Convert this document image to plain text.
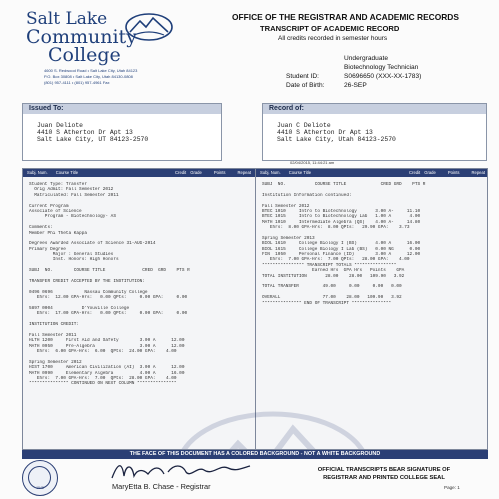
Salt Lake
Community
College
4600 S. Redwood Road • Salt Lake City, Utah 84123
P.O. Box 30808 • Salt Lake City, Utah 84130-0808
(801) 957-4111 • (801) 957-4961 Fax
OFFICE OF THE REGISTRAR AND ACADEMIC RECORDS
TRANSCRIPT OF ACADEMIC RECORD
All credits recorded in semester hours
Undergraduate
Biotechnology Technician
Student ID:	S0696650 (XXX-XX-1783)
Date of Birth:	26-SEP
Issued To:
Juan Deliote
4410 S Atherton Dr Apt 13
Salt Lake City, UT 84123-2570
Record of:
Juan C Deliote
4410 S Atherton Dr Apt 13
Salt Lake City, Utah 84123-2570
02/04/2015, 11:44:21 am
Subj. Num. Course Title	Credit Grade	Points	Repeat
Student Type: Transfer
Orig Admit: Fall Semester 2012
Matriculated: Fall Semester 2011

Current Program
Associate of Science
Program - Biotechnology- AS

Comments:
Member Phi Theta Kappa

Degrees Awarded Associate of Science 31-AUG-2014
Primary Degree
Major : General Studies
Inst. Honors: High Honors

SUBJ  NO.        COURSE TITLE              CRED  GRD    PTS R

TRANSFER CREDIT ACCEPTED BY THE INSTITUTION:

0496 0696            Nassau Community College
Ehrs:  12.00 GPA-Hrs:   0.00 QPts:     0.00 GPA:     0.00

5897 0004           D'Youville College
Ehrs:  17.00 GPA-Hrs:   0.00 QPts:     0.00 GPA:     0.00

INSTITUTION CREDIT:

Fall Semester 2011
HLTH 1200     First Aid and Safety        3.00 A      12.00
MATH 0950     Pre-Algebra                 3.00 A      12.00
Ehrs:  6.00 GPA-Hrs:  6.00  QPts:  24.00 GPA:    4.00

Spring Semester 2012
HIST 1700     American Civilization (AI)  3.00 A      12.00
MATH 0990     Elementary Algebra          4.00 A      16.00
Ehrs:  7.00 GPA-Hrs:  7.00  QPts:  28.00 GPA:    4.00
*************** CONTINUED ON NEXT COLUMN ***************
Subj. Num. Course Title	Credit Grade	Points	Repeat
SUBJ  NO.           COURSE TITLE             CRED GRD    PTS R

Institution Information continued:

Fall Semester 2012
BTEC 1010     Intro to Biotechnology       3.00 A-     11.10
BTEC 1015     Intro to Biotechnology Lab   1.00 A       4.00
MATH 1010     Intermediate Algebra (QS)    4.00 A-     14.80
Ehrs:  8.00 GPA-Hrs:  8.00 QPts:   29.90 GPA:    3.73

Spring Semester 2013
BIOL 1610     College Biology I (BS)       4.00 A      16.00
BIOL 1615     College Biology I Lab (BS)   0.00 NG      0.00
FIN  1050     Personal Finance (ID)        3.00 A      12.00
Ehrs:  7.00 GPA-Hrs:  7.00 QPts:   28.00 GPA:    4.00
**************** TRANSCRIPT TOTALS ****************
Earned Hrs  GPA Hrs   Points    GPA
TOTAL INSTITUTION       28.00    28.00   109.90   3.92

TOTAL TRANSFER         49.00     0.00     0.00   0.00

OVERALL                77.00    28.00   109.90   3.92
*************** END OF TRANSCRIPT ***************
THE FACE OF THIS DOCUMENT HAS A COLORED BACKGROUND - NOT A WHITE BACKGROUND
1948	MaryEtta B. Chase - Registrar
OFFICIAL TRANSCRIPTS BEAR SIGNATURE OF
REGISTRAR AND PRINTED COLLEGE SEAL
Page: 1
